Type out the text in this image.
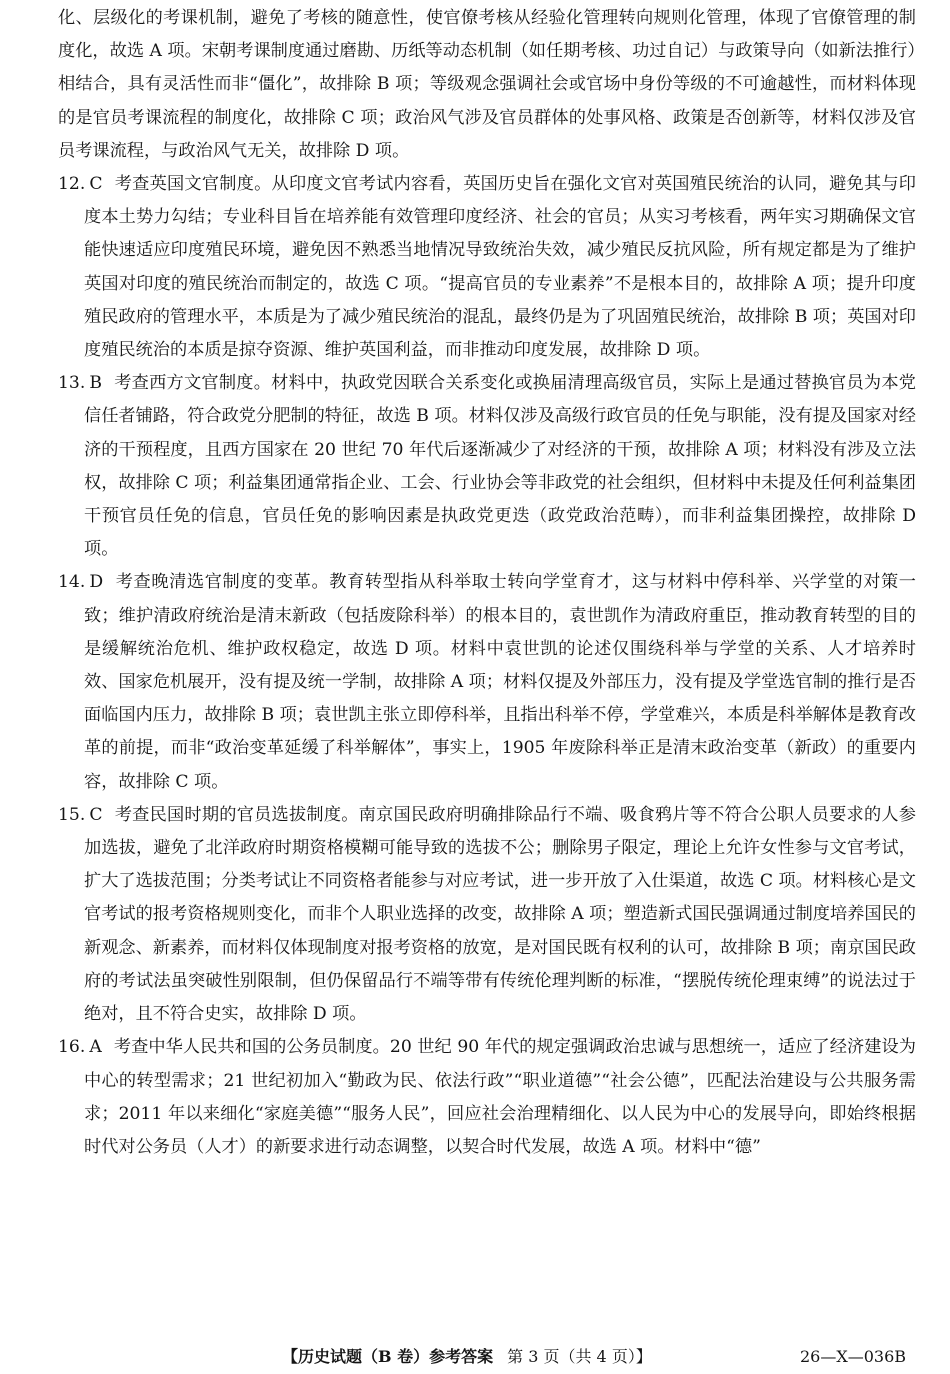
化、层级化的考课机制，避免了考核的随意性，使官僚考核从经验化管理转向规则化管理，体现了官僚管理的制度化，故选 A 项。宋朝考课制度通过磨勘、历纸等动态机制（如任期考核、功过自记）与政策导向（如新法推行）相结合，具有灵活性而非“僵化”，故排除 B 项；等级观念强调社会或官场中身份等级的不可逾越性，而材料体现的是官员考课流程的制度化，故排除 C 项；政治风气涉及官员群体的处事风格、政策是否创新等，材料仅涉及官员考课流程，与政治风气无关，故排除 D 项。

12. C 考查英国文官制度。从印度文官考试内容看，英国历史旨在强化文官对英国殖民统治的认同，避免其与印度本土势力勾结；专业科目旨在培养能有效管理印度经济、社会的官员；从实习考核看，两年实习期确保文官能快速适应印度殖民环境，避免因不熟悉当地情况导致统治失效，减少殖民反抗风险，所有规定都是为了维护英国对印度的殖民统治而制定的，故选 C 项。“提高官员的专业素养”不是根本目的，故排除 A 项；提升印度殖民政府的管理水平，本质是为了减少殖民统治的混乱，最终仍是为了巩固殖民统治，故排除 B 项；英国对印度殖民统治的本质是掠夺资源、维护英国利益，而非推动印度发展，故排除 D 项。

13. B 考查西方文官制度。材料中，执政党因联合关系变化或换届清理高级官员，实际上是通过替换官员为本党信任者铺路，符合政党分肥制的特征，故选 B 项。材料仅涉及高级行政官员的任免与职能，没有提及国家对经济的干预程度，且西方国家在 20 世纪 70 年代后逐渐减少了对经济的干预，故排除 A 项；材料没有涉及立法权，故排除 C 项；利益集团通常指企业、工会、行业协会等非政党的社会组织，但材料中未提及任何利益集团干预官员任免的信息，官员任免的影响因素是执政党更迭（政党政治范畴），而非利益集团操控，故排除 D 项。

14. D 考查晚清选官制度的变革。教育转型指从科举取士转向学堂育才，这与材料中停科举、兴学堂的对策一致；维护清政府统治是清末新政（包括废除科举）的根本目的，袁世凯作为清政府重臣，推动教育转型的目的是缓解统治危机、维护政权稳定，故选 D 项。材料中袁世凯的论述仅围绕科举与学堂的关系、人才培养时效、国家危机展开，没有提及统一学制，故排除 A 项；材料仅提及外部压力，没有提及学堂选官制的推行是否面临国内压力，故排除 B 项；袁世凯主张立即停科举，且指出科举不停，学堂难兴，本质是科举解体是教育改革的前提，而非“政治变革延缓了科举解体”，事实上，1905 年废除科举正是清末政治变革（新政）的重要内容，故排除 C 项。

15. C 考查民国时期的官员选拔制度。南京国民政府明确排除品行不端、吸食鸦片等不符合公职人员要求的人参加选拔，避免了北洋政府时期资格模糊可能导致的选拔不公；删除男子限定，理论上允许女性参与文官考试，扩大了选拔范围；分类考试让不同资格者能参与对应考试，进一步开放了入仕渠道，故选 C 项。材料核心是文官考试的报考资格规则变化，而非个人职业选择的改变，故排除 A 项；塑造新式国民强调通过制度培养国民的新观念、新素养，而材料仅体现制度对报考资格的放宽，是对国民既有权利的认可，故排除 B 项；南京国民政府的考试法虽突破性别限制，但仍保留品行不端等带有传统伦理判断的标准，“摆脱传统伦理束缚”的说法过于绝对，且不符合史实，故排除 D 项。

16. A 考查中华人民共和国的公务员制度。20 世纪 90 年代的规定强调政治忠诚与思想统一，适应了经济建设为中心的转型需求；21 世纪初加入“勤政为民、依法行政”“职业道德”“社会公德”，匹配法治建设与公共服务需求；2011 年以来细化“家庭美德”“服务人民”，回应社会治理精细化、以人民为中心的发展导向，即始终根据时代对公务员（人才）的新要求进行动态调整，以契合时代发展，故选 A 项。材料中“德”

【历史试题（B 卷）参考答案 第 3 页（共 4 页）】	26—X—036B
